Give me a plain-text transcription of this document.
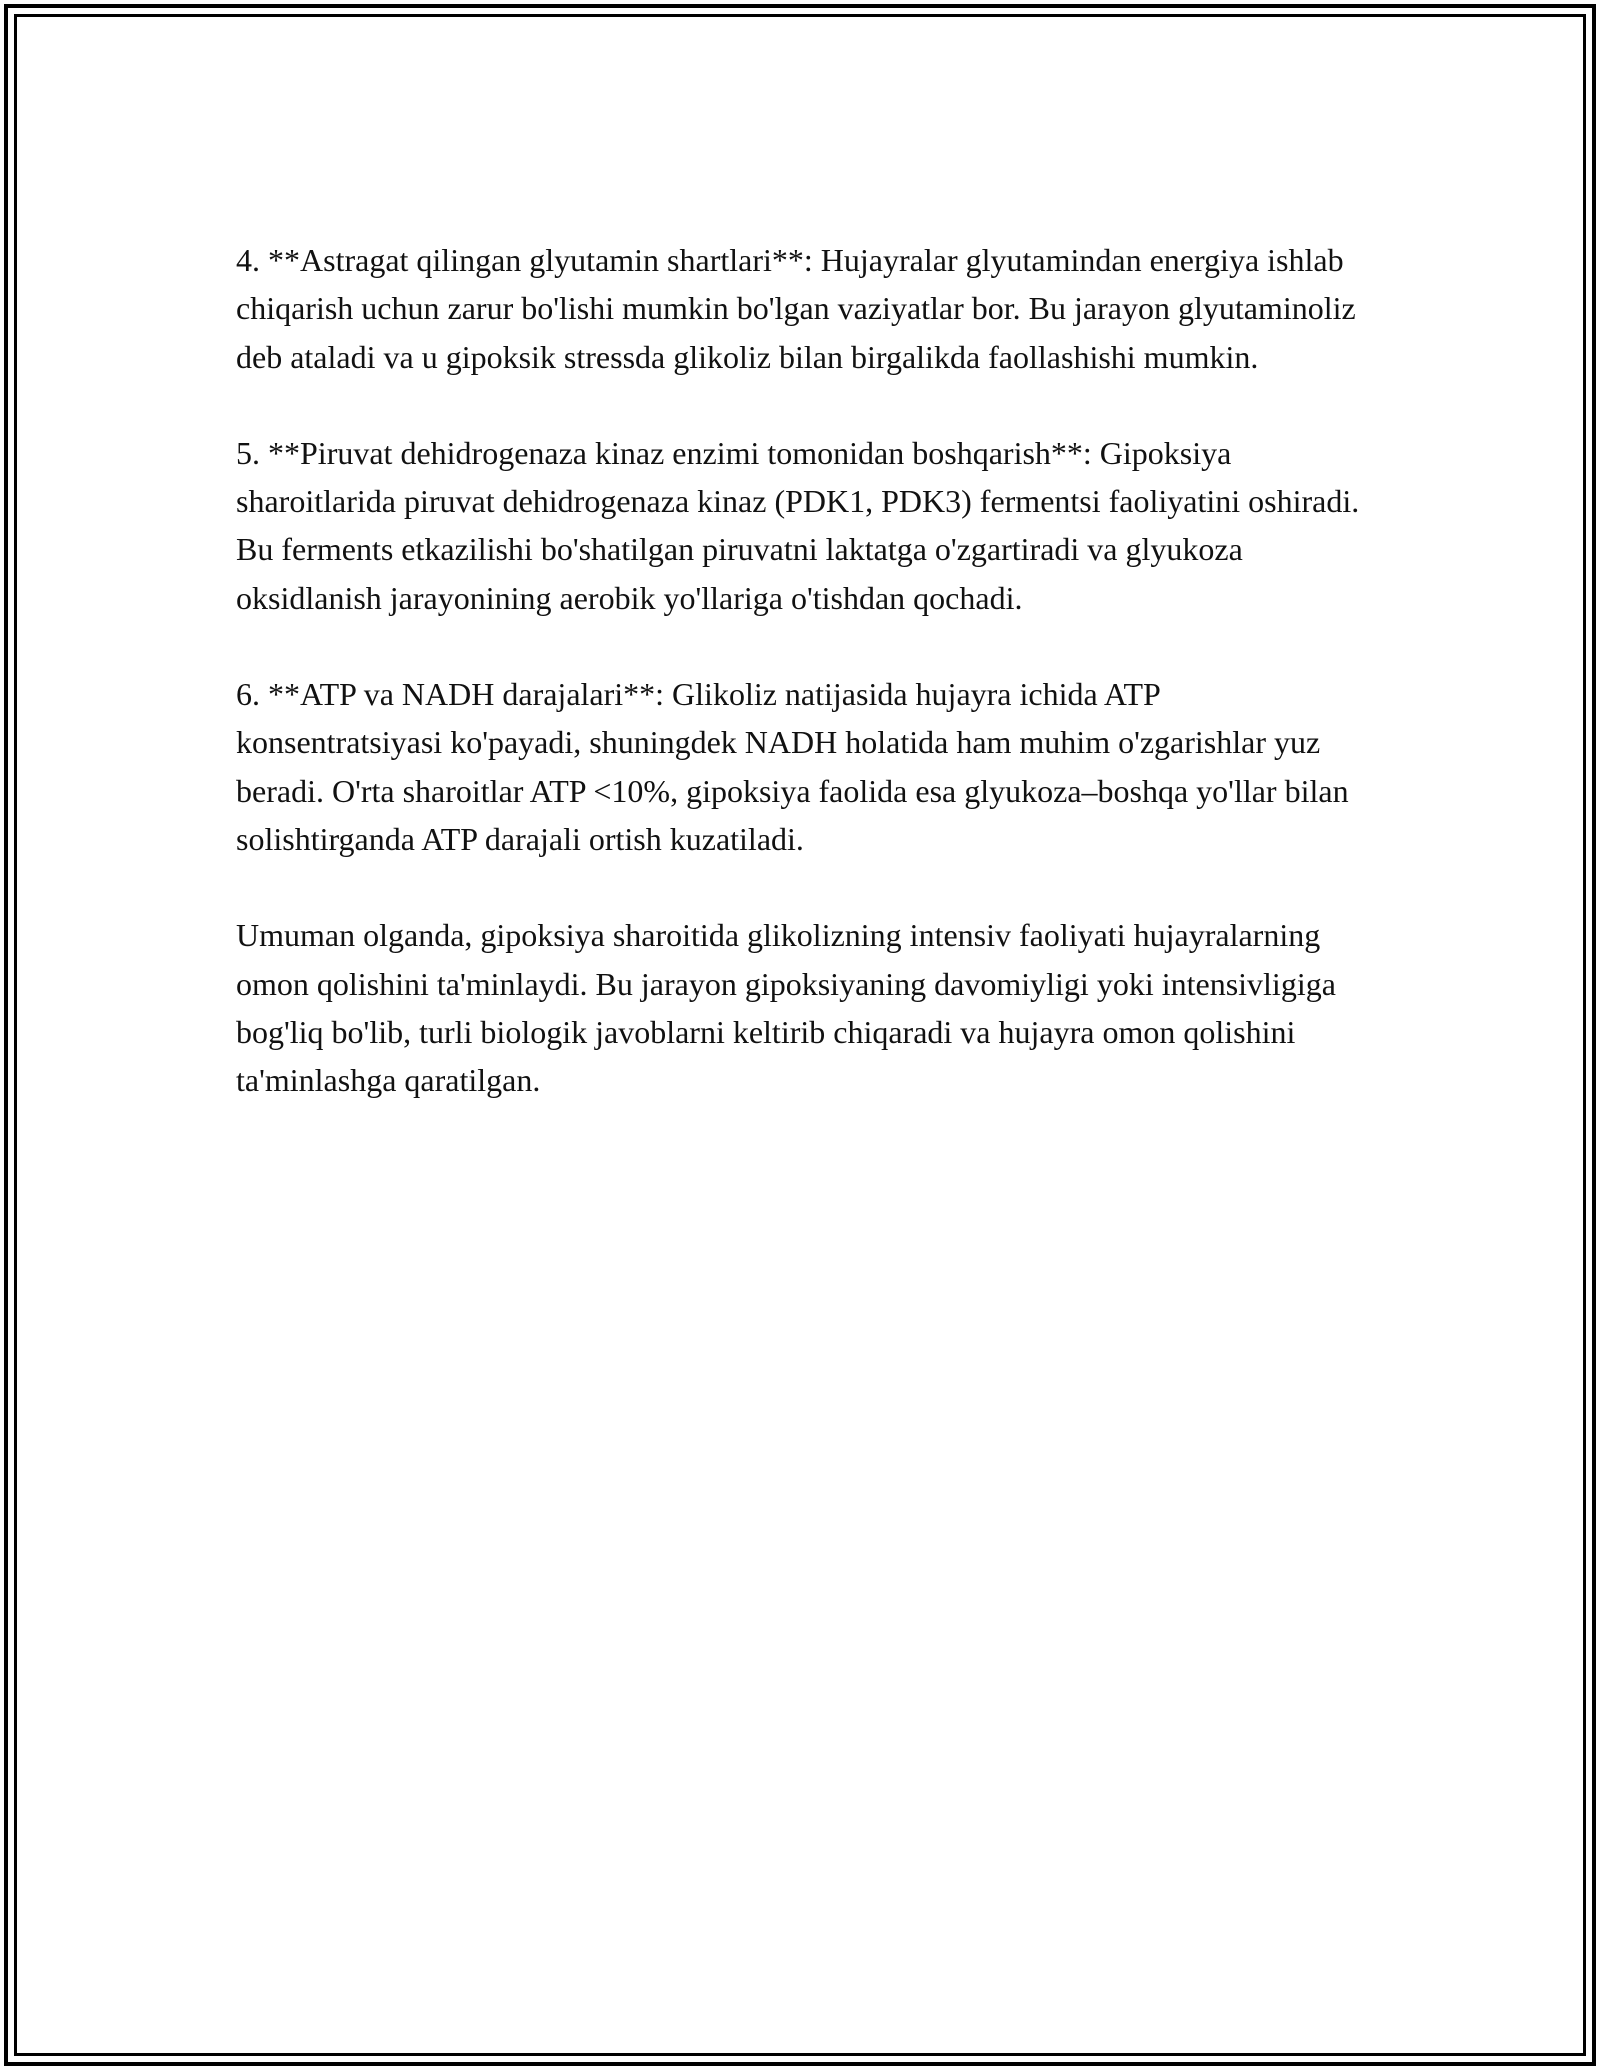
4. **Astragat qilingan glyutamin shartlari**: Hujayralar glyutamindan energiya ishlab chiqarish uchun zarur bo'lishi mumkin bo'lgan vaziyatlar bor. Bu jarayon glyutaminoliz deb ataladi va u gipoksik stressda glikoliz bilan birgalikda faollashishi mumkin.

5. **Piruvat dehidrogenaza kinaz enzimi tomonidan boshqarish**: Gipoksiya sharoitlarida piruvat dehidrogenaza kinaz (PDK1, PDK3) fermentsi faoliyatini oshiradi. Bu ferments etkazilishi bo'shatilgan piruvatni laktatga o'zgartiradi va glyukoza oksidlanish jarayonining aerobik yo'llariga o'tishdan qochadi.

6. **ATP va NADH darajalari**: Glikoliz natijasida hujayra ichida ATP konsentratsiyasi ko'payadi, shuningdek NADH holatida ham muhim o'zgarishlar yuz beradi. O'rta sharoitlar ATP <10%, gipoksiya faolida esa glyukoza–boshqa yo'llar bilan solishtirganda ATP darajali ortish kuzatiladi.

Umuman olganda, gipoksiya sharoitida glikolizning intensiv faoliyati hujayralarning omon qolishini ta'minlaydi. Bu jarayon gipoksiyaning davomiyligi yoki intensivligiga bog'liq bo'lib, turli biologik javoblarni keltirib chiqaradi va hujayra omon qolishini ta'minlashga qaratilgan.
